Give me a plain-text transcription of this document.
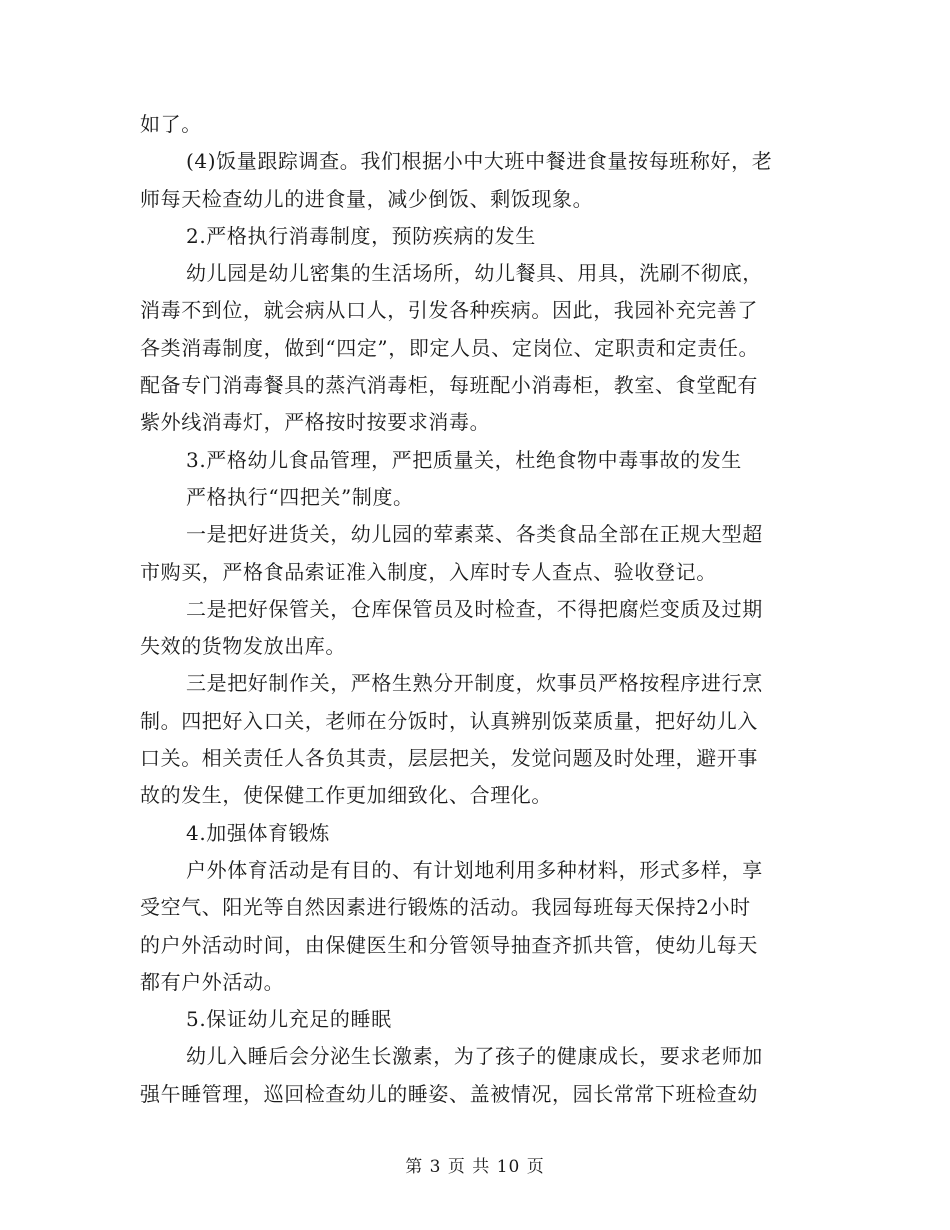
如了。
(4)饭量跟踪调查。我们根据小中大班中餐进食量按每班称好，老
师每天检查幼儿的进食量，减少倒饭、剩饭现象。
2.严格执行消毒制度，预防疾病的发生
幼儿园是幼儿密集的生活场所，幼儿餐具、用具，洗刷不彻底，
消毒不到位，就会病从口人，引发各种疾病。因此，我园补充完善了
各类消毒制度，做到“四定”，即定人员、定岗位、定职责和定责任。
配备专门消毒餐具的蒸汽消毒柜，每班配小消毒柜，教室、食堂配有
紫外线消毒灯，严格按时按要求消毒。
3.严格幼儿食品管理，严把质量关，杜绝食物中毒事故的发生
严格执行“四把关”制度。
一是把好进货关，幼儿园的荤素菜、各类食品全部在正规大型超
市购买，严格食品索证准入制度，入库时专人查点、验收登记。
二是把好保管关，仓库保管员及时检查，不得把腐烂变质及过期
失效的货物发放出库。
三是把好制作关，严格生熟分开制度，炊事员严格按程序进行烹
制。四把好入口关，老师在分饭时，认真辨别饭菜质量，把好幼儿入
口关。相关责任人各负其责，层层把关，发觉问题及时处理，避开事
故的发生，使保健工作更加细致化、合理化。
4.加强体育锻炼
户外体育活动是有目的、有计划地利用多种材料，形式多样，享
受空气、阳光等自然因素进行锻炼的活动。我园每班每天保持2小时
的户外活动时间，由保健医生和分管领导抽查齐抓共管，使幼儿每天
都有户外活动。
5.保证幼儿充足的睡眠
幼儿入睡后会分泌生长激素，为了孩子的健康成长，要求老师加
强午睡管理，巡回检查幼儿的睡姿、盖被情况，园长常常下班检查幼
第 3 页 共 10 页
